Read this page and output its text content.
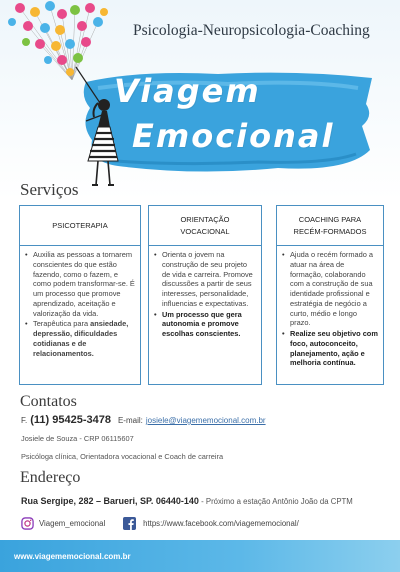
Psicologia-Neuropsicologia-Coaching
Viagem
Emocional
Serviços
PSICOTERAPIA
• Auxilia as pessoas a tornarem conscientes do que estão fazendo, como o fazem, e como podem transformar-se. É um processo que promove aprendizado, aceitação e valorização da vida.
• Terapêutica para ansiedade, depressão, dificuldades cotidianas e de relacionamentos.
ORIENTAÇÃO
VOCACIONAL
• Orienta o jovem na construção de seu projeto de vida e carreira. Promove discussões a partir de seus interesses, personalidade, influencias e expectativas.
• Um processo que gera autonomia e promove escolhas conscientes.
COACHING PARA
RECÉM-FORMADOS
• Ajuda o recém formado a atuar na área de formação, colaborando com a construção de sua identidade profissional e estratégia de negócio a curto, médio e longo prazo.
• Realize seu objetivo com foco, autoconceito, planejamento, ação e melhoria contínua.
Contatos
F. (11) 95425-3478 E-mail: josiele@viagememocional.com.br
Josiele de Souza - CRP 06115607
Psicóloga clínica, Orientadora vocacional e Coach de carreira
Endereço
Rua Sergipe, 282 – Barueri, SP. 06440-140 - Próximo a estação Antônio João da CPTM
Viagem_emocional	https://www.facebook.com/viagememocional/
www.viagememocional.com.br
